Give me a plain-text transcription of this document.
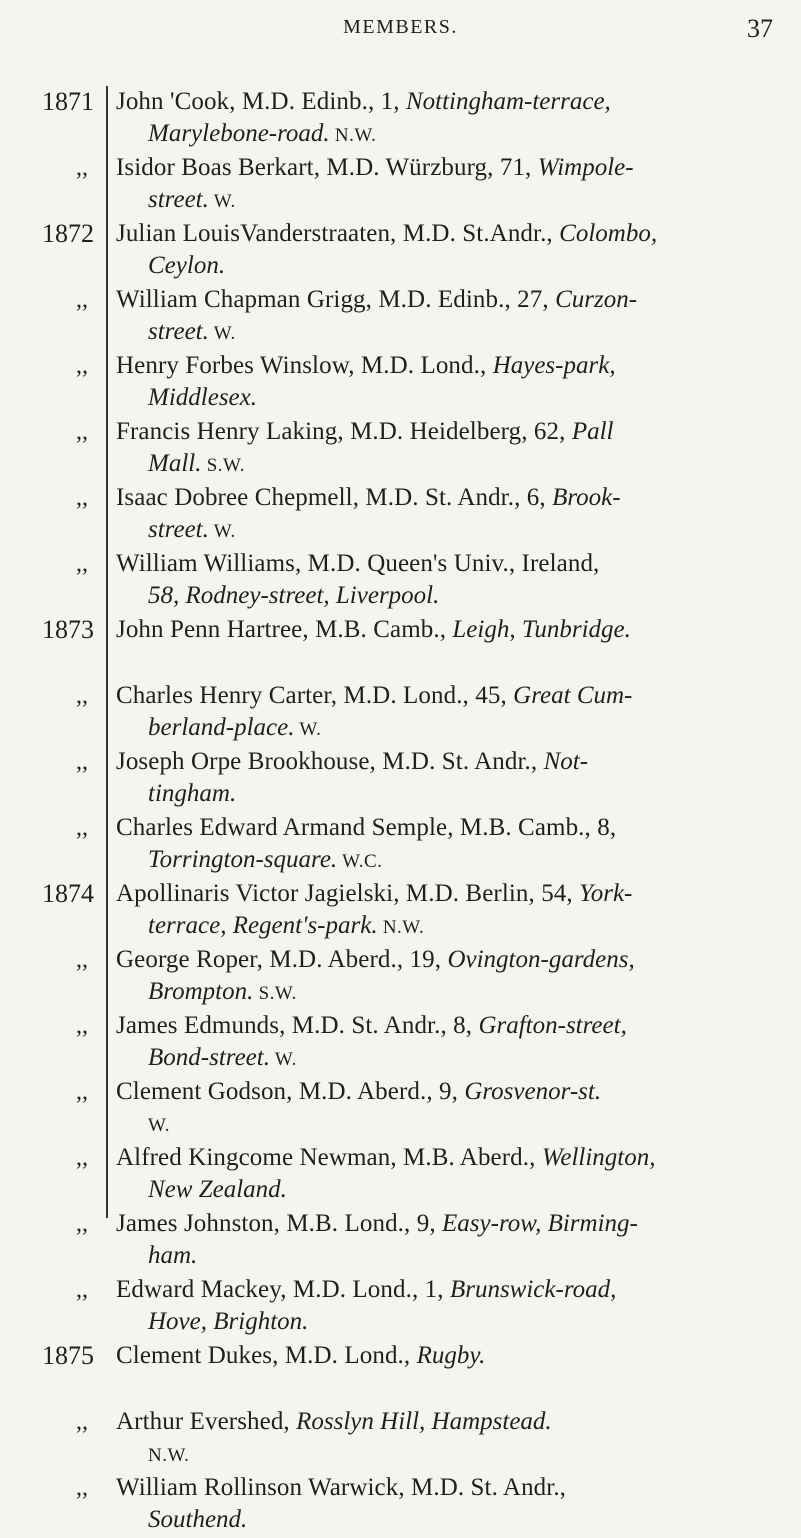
MEMBERS.	37
1871
,,
1872
,,
,,
,,
,,
,,
1873
,,
,,
,,
1874
,,
,,
,,
,,
,,
,,
1875
,,
,,
John 'Cook, M.D. Edinb., 1, Nottingham-terrace,
Marylebone-road. N.W.
Isidor Boas Berkart, M.D. Würzburg, 71, Wimpole-
street. W.
Julian LouisVanderstraaten, M.D. St.Andr., Colombo,
Ceylon.
William Chapman Grigg, M.D. Edinb., 27, Curzon-
street. W.
Henry Forbes Winslow, M.D. Lond., Hayes-park,
Middlesex.
Francis Henry Laking, M.D. Heidelberg, 62, Pall
Mall. S.W.
Isaac Dobree Chepmell, M.D. St. Andr., 6, Brook-
street. W.
William Williams, M.D. Queen's Univ., Ireland,
58, Rodney-street, Liverpool.
John Penn Hartree, M.B. Camb., Leigh, Tunbridge.
Charles Henry Carter, M.D. Lond., 45, Great Cum-
berland-place. W.
Joseph Orpe Brookhouse, M.D. St. Andr., Not-
tingham.
Charles Edward Armand Semple, M.B. Camb., 8,
Torrington-square. W.C.
Apollinaris Victor Jagielski, M.D. Berlin, 54, York-
terrace, Regent's-park. N.W.
George Roper, M.D. Aberd., 19, Ovington-gardens,
Brompton. S.W.
James Edmunds, M.D. St. Andr., 8, Grafton-street,
Bond-street. W.
Clement Godson, M.D. Aberd., 9, Grosvenor-st.
W.
Alfred Kingcome Newman, M.B. Aberd., Wellington,
New Zealand.
James Johnston, M.B. Lond., 9, Easy-row, Birming-
ham.
Edward Mackey, M.D. Lond., 1, Brunswick-road,
Hove, Brighton.
Clement Dukes, M.D. Lond., Rugby.
Arthur Evershed, Rosslyn Hill, Hampstead.
N.W.
William Rollinson Warwick, M.D. St. Andr.,
Southend.
